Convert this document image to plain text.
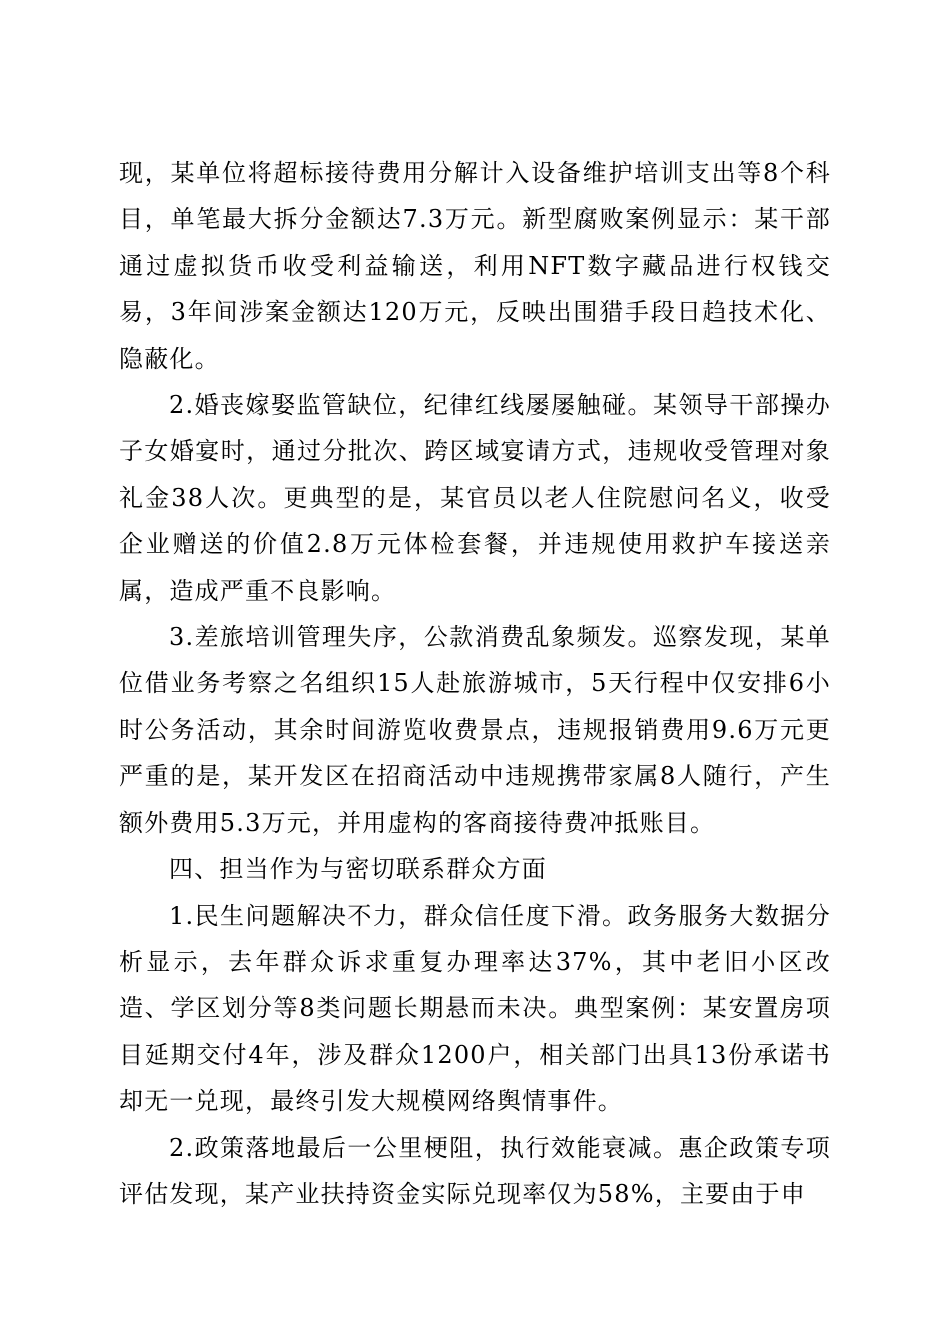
现，某单位将超标接待费用分解计入设备维护培训支出等8个科目，单笔最大拆分金额达7.3万元。新型腐败案例显示：某干部通过虚拟货币收受利益输送，利用NFT数字藏品进行权钱交易，3年间涉案金额达120万元，反映出围猎手段日趋技术化、隐蔽化。

2.婚丧嫁娶监管缺位，纪律红线屡屡触碰。某领导干部操办子女婚宴时，通过分批次、跨区域宴请方式，违规收受管理对象礼金38人次。更典型的是，某官员以老人住院慰问名义，收受企业赠送的价值2.8万元体检套餐，并违规使用救护车接送亲属，造成严重不良影响。

3.差旅培训管理失序，公款消费乱象频发。巡察发现，某单位借业务考察之名组织15人赴旅游城市，5天行程中仅安排6小时公务活动，其余时间游览收费景点，违规报销费用9.6万元更严重的是，某开发区在招商活动中违规携带家属8人随行，产生额外费用5.3万元，并用虚构的客商接待费冲抵账目。

四、担当作为与密切联系群众方面

1.民生问题解决不力，群众信任度下滑。政务服务大数据分析显示，去年群众诉求重复办理率达37%，其中老旧小区改造、学区划分等8类问题长期悬而未决。典型案例：某安置房项目延期交付4年，涉及群众1200户，相关部门出具13份承诺书却无一兑现，最终引发大规模网络舆情事件。

2.政策落地最后一公里梗阻，执行效能衰减。惠企政策专项评估发现，某产业扶持资金实际兑现率仅为58%，主要由于申
